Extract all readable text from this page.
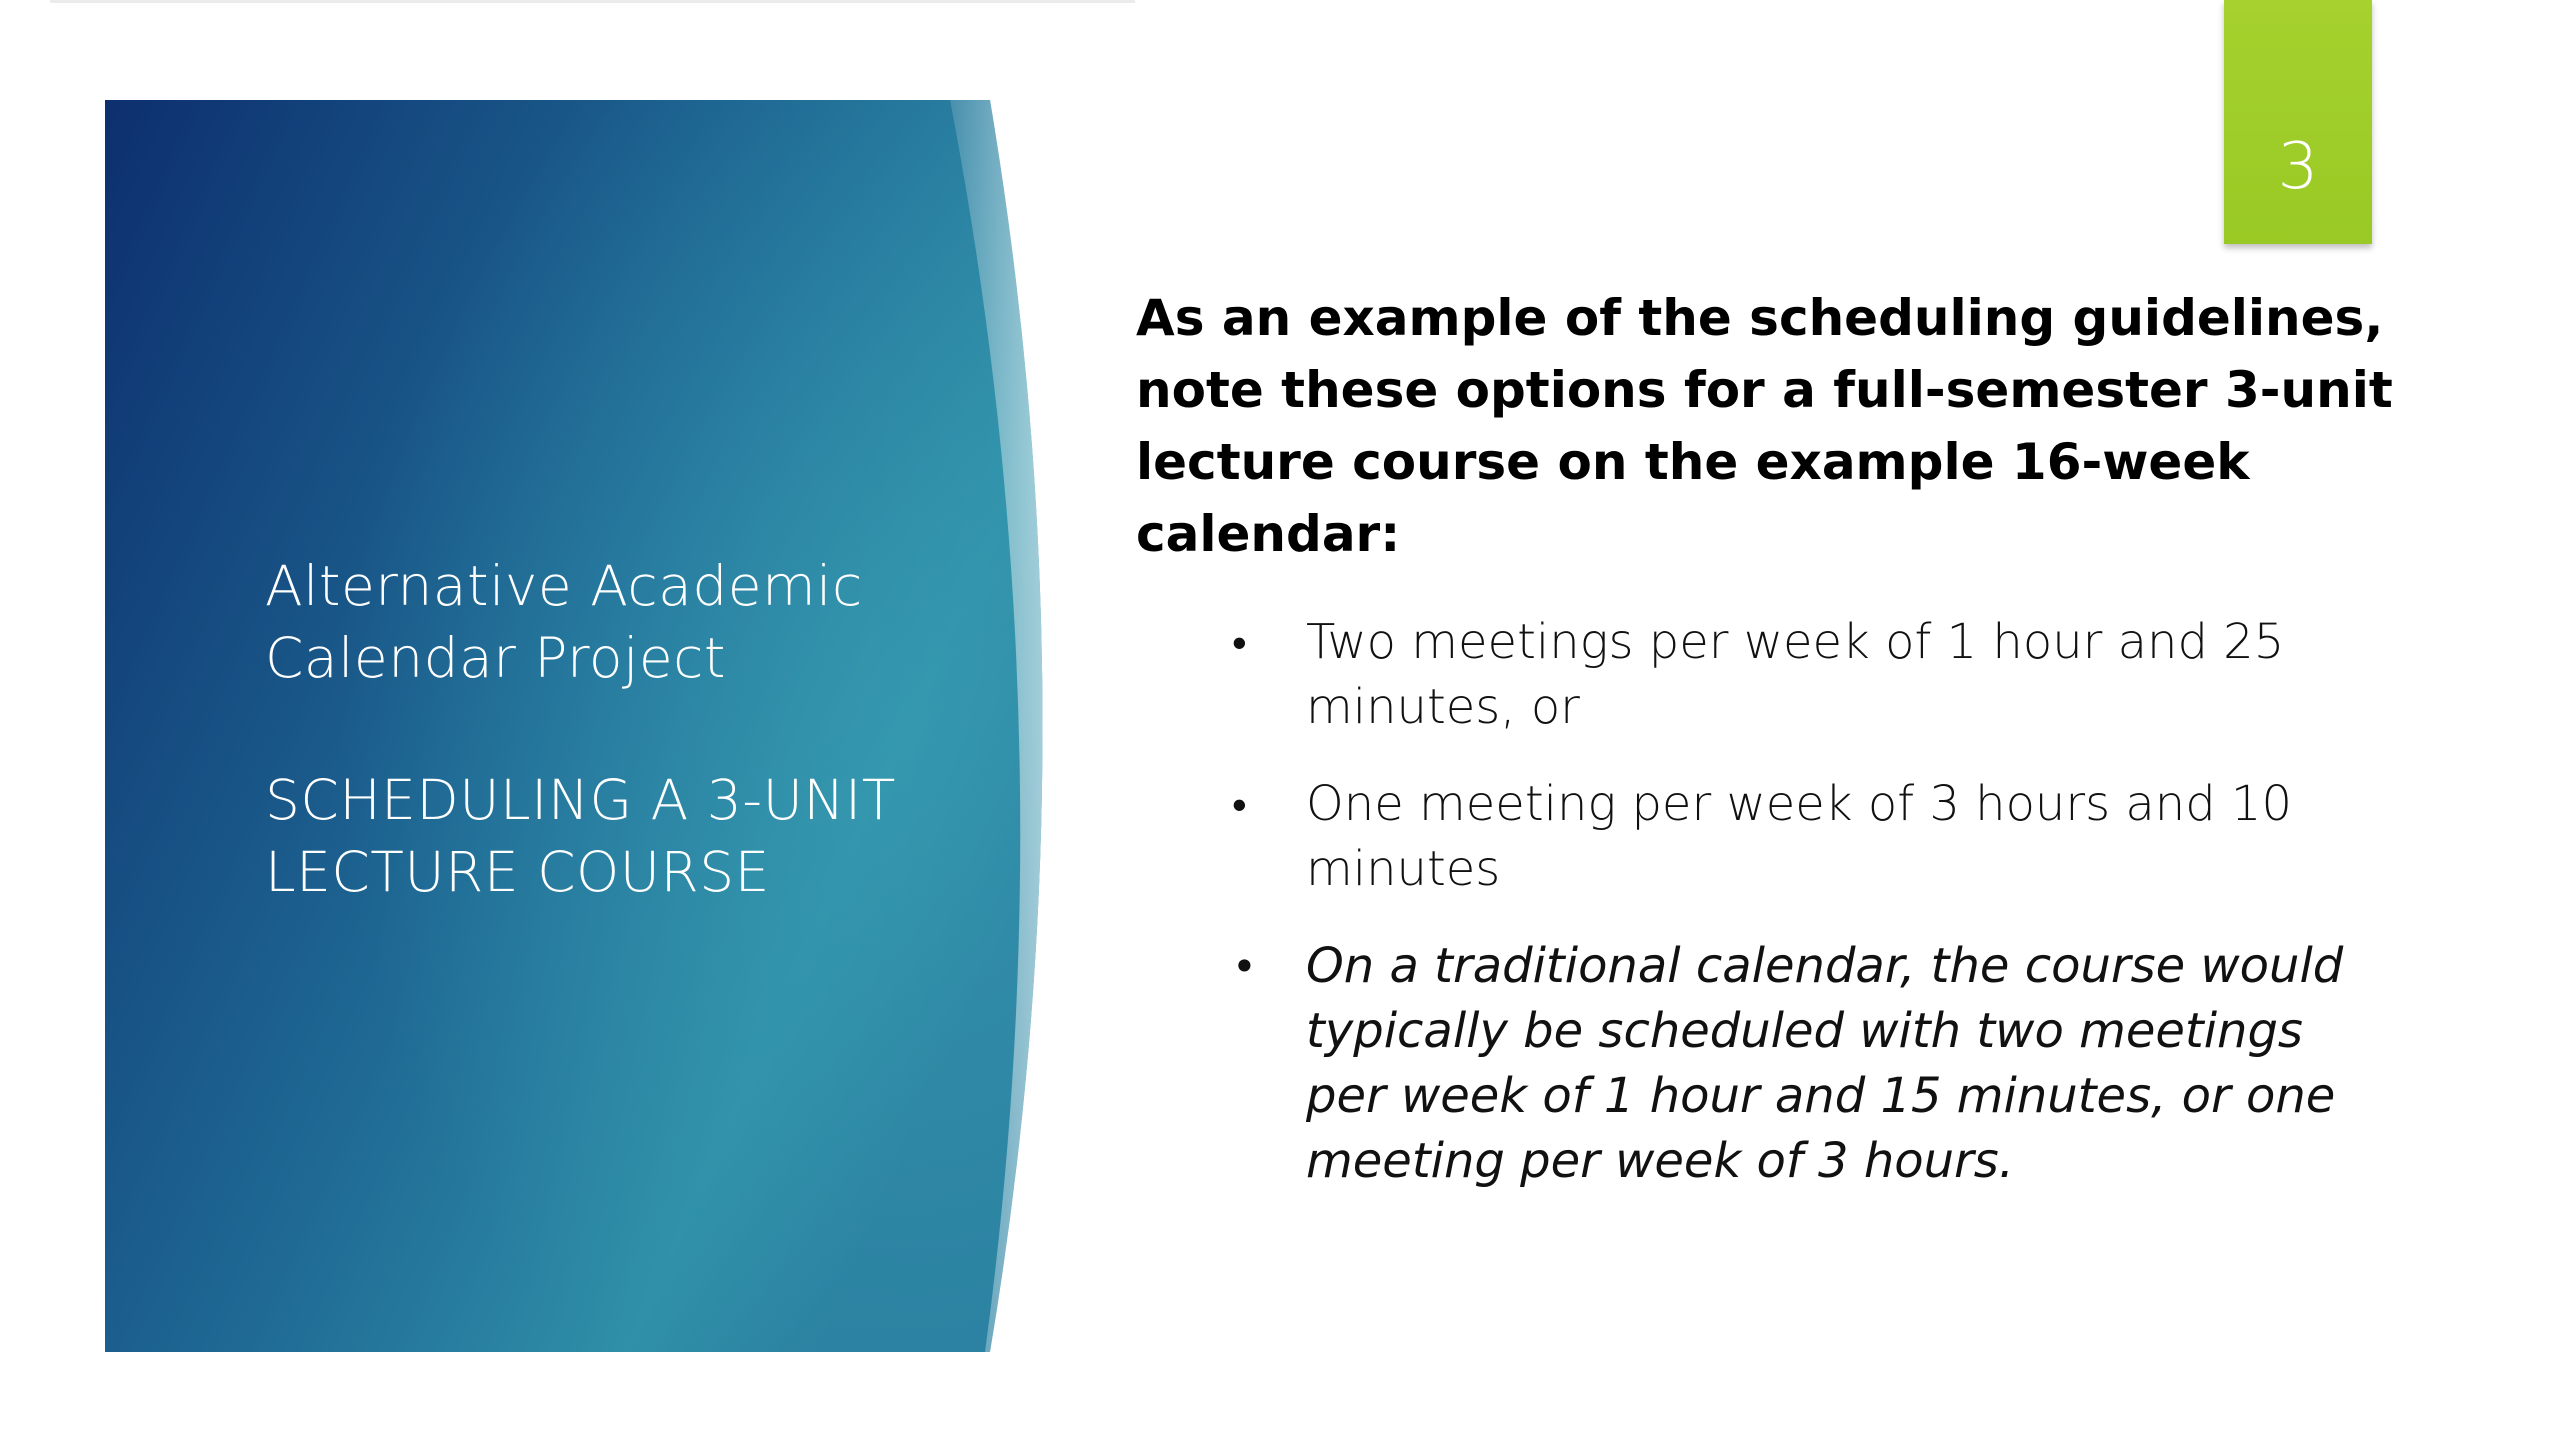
Alternative Academic
Calendar Project
SCHEDULING A 3-UNIT
LECTURE COURSE
3

As an example of the scheduling guidelines, note these options for a full-semester 3-unit lecture course on the example 16-week calendar:

• Two meetings per week of 1 hour and 25 minutes, or
• One meeting per week of 3 hours and 10 minutes
• On a traditional calendar, the course would typically be scheduled with two meetings per week of 1 hour and 15 minutes, or one meeting per week of 3 hours.
